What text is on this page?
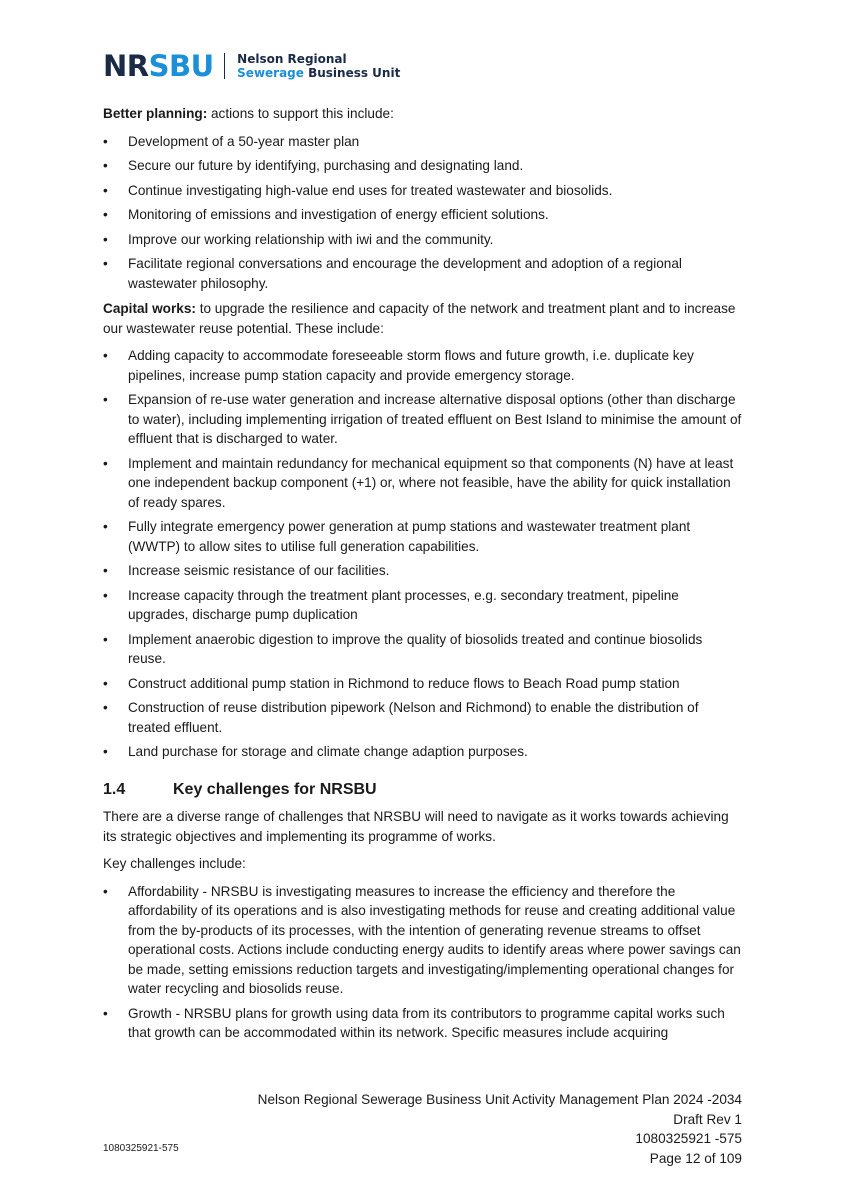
NRSBU Nelson Regional
Sewerage Business Unit

Better planning: actions to support this include:

•	Development of a 50-year master plan
•	Secure our future by identifying, purchasing and designating land.
•	Continue investigating high-value end uses for treated wastewater and biosolids.
•	Monitoring of emissions and investigation of energy efficient solutions.
•	Improve our working relationship with iwi and the community.
•	Facilitate regional conversations and encourage the development and adoption of a regional wastewater philosophy.

Capital works: to upgrade the resilience and capacity of the network and treatment plant and to increase our wastewater reuse potential. These include:

•	Adding capacity to accommodate foreseeable storm flows and future growth, i.e. duplicate key pipelines, increase pump station capacity and provide emergency storage.
•	Expansion of re-use water generation and increase alternative disposal options (other than discharge to water), including implementing irrigation of treated effluent on Best Island to minimise the amount of effluent that is discharged to water.
•	Implement and maintain redundancy for mechanical equipment so that components (N) have at least one independent backup component (+1) or, where not feasible, have the ability for quick installation of ready spares.
•	Fully integrate emergency power generation at pump stations and wastewater treatment plant (WWTP) to allow sites to utilise full generation capabilities.
•	Increase seismic resistance of our facilities.
•	Increase capacity through the treatment plant processes, e.g. secondary treatment, pipeline upgrades, discharge pump duplication
•	Implement anaerobic digestion to improve the quality of biosolids treated and continue biosolids reuse.
•	Construct additional pump station in Richmond to reduce flows to Beach Road pump station
•	Construction of reuse distribution pipework (Nelson and Richmond) to enable the distribution of treated effluent.
•	Land purchase for storage and climate change adaption purposes.
1.4	Key challenges for NRSBU

There are a diverse range of challenges that NRSBU will need to navigate as it works towards achieving its strategic objectives and implementing its programme of works.

Key challenges include:

•	Affordability - NRSBU is investigating measures to increase the efficiency and therefore the affordability of its operations and is also investigating methods for reuse and creating additional value from the by-products of its processes, with the intention of generating revenue streams to offset operational costs. Actions include conducting energy audits to identify areas where power savings can be made, setting emissions reduction targets and investigating/implementing operational changes for water recycling and biosolids reuse.
•	Growth - NRSBU plans for growth using data from its contributors to programme capital works such that growth can be accommodated within its network. Specific measures include acquiring
Nelson Regional Sewerage Business Unit Activity Management Plan 2024 -2034
Draft Rev 1
1080325921 -575
Page 12 of 109
1080325921-575
